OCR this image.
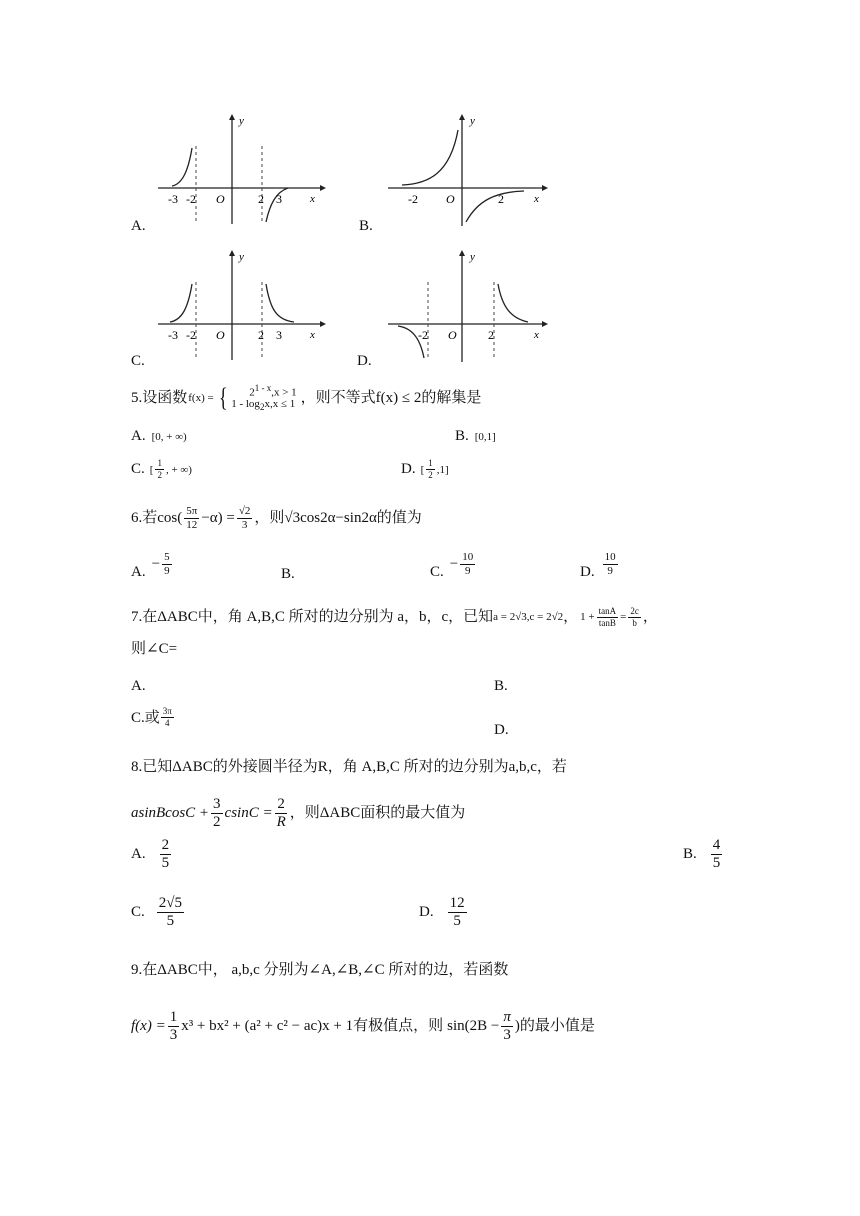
y
x
O
-3 -2	2 3
A.
y
x
O
-2	2
B.
y
x
O
-3 -2	2 3
C.
y
x
O
-2	2
D.
5.设函数 f(x) = {	$2^{1 - x},x > 1$
$1 - \log_2x,x \le 1$ ，则不等式f(x) ≤ 2的解集是
A. [0, + ∞)	B. [0,1]
C. [ $\frac{1}{2}$ , + ∞)	D. [ $\frac{1}{2} ,1$]
6.若$\cos( \frac{5\pi}{12} -\alpha) = \frac{√2}{3}$ ，则√3cos2α−sin2α的值为
A. − $\frac{5}{9}$	B.	C. − $\frac{10}{9}$	D. $\frac{10}{9}$
7.在ΔABC中，角 A,B,C 所对的边分别为 a，b，c，已知 a = 2√3,c = 2√2 ， $1 + \frac{\tan A}{\tan B} = \frac{2c}{b}$ ，
则∠C=
A.	B.
C.或 $\frac{3\pi}{4}$
D.
8.已知ΔABC的外接圆半径为R，角 A,B,C 所对的边分别为a,b,c，若
asinBcosC + $\frac{3}{2}$ $csinC = \frac{2}{R}$ ，则ΔABC面积的最大值为
A. $\frac{2}{5}$	B. $\frac{4}{5}$
C. $\frac{2√5}{5}$	D. $\frac{12}{5}$
9.在ΔABC中， a,b,c 分别为∠A,∠B,∠C 所对的边，若函数
$f(x) = \frac{1}{3} x^3 + bx^2 + (a^2 + c^2 - ac)x + 1$有极值点，则 $\sin(2B - \frac{\pi}{3}$ ) 的最小值是
